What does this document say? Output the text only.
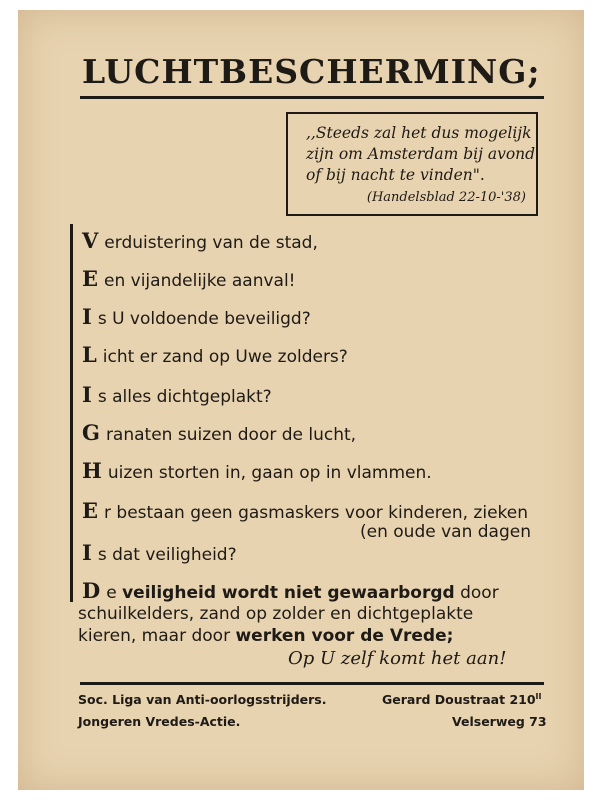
LUCHTBESCHERMING;
,,Steeds zal het dus mogelijk
zijn om Amsterdam bij avond
of bij nacht te vinden".
(Handelsblad 22-10-'38)
V erduistering van de stad,
E en vijandelijke aanval!
I s U voldoende beveiligd?
L icht er zand op Uwe zolders?
I s alles dichtgeplakt?
G ranaten suizen door de lucht,
H uizen storten in, gaan op in vlammen.
E r bestaan geen gasmaskers voor kinderen, zieken
(en oude van dagen
I s dat veiligheid?
D e veiligheid wordt niet gewaarborgd door
schuilkelders, zand op zolder en dichtgeplakte
kieren, maar door werken voor de Vrede;
Op U zelf komt het aan!
Soc. Liga van Anti-oorlogsstrijders.
Jongeren Vredes-Actie.
Gerard Doustraat $210^{II}$
Velserweg 73
